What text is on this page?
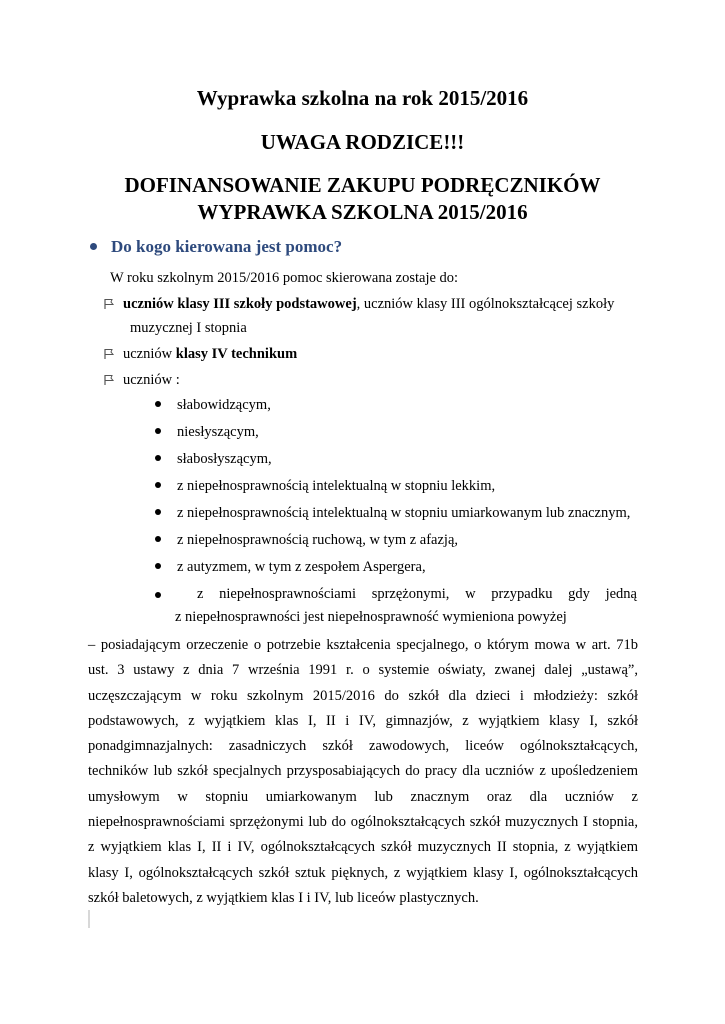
Wyprawka szkolna na rok 2015/2016
UWAGA RODZICE!!!
DOFINANSOWANIE ZAKUPU PODRĘCZNIKÓW
WYPRAWKA SZKOLNA 2015/2016
Do kogo kierowana jest pomoc?
W roku szkolnym 2015/2016 pomoc skierowana zostaje do:
uczniów klasy III szkoły podstawowej, uczniów klasy III ogólnokształcącej szkoły
muzycznej I stopnia
uczniów klasy IV technikum
uczniów :
słabowidzącym,
niesłyszącym,
słabosłyszącym,
z niepełnosprawnością intelektualną w stopniu lekkim,
z niepełnosprawnością intelektualną w stopniu umiarkowanym lub znacznym,
z niepełnosprawnością ruchową, w tym z afazją,
z autyzmem, w tym z zespołem Aspergera,
z niepełnosprawnościami sprzężonymi, w przypadku gdy jedną
z niepełnosprawności jest niepełnosprawność wymieniona powyżej
– posiadającym orzeczenie o potrzebie kształcenia specjalnego, o którym mowa w art. 71b
ust. 3 ustawy z dnia 7 września 1991 r. o systemie oświaty, zwanej dalej „ustawą”,
uczęszczającym w roku szkolnym 2015/2016 do szkół dla dzieci i młodzieży: szkół
podstawowych, z wyjątkiem klas I, II i IV, gimnazjów, z wyjątkiem klasy I, szkół
ponadgimnazjalnych: zasadniczych szkół zawodowych, liceów ogólnokształcących,
techników lub szkół specjalnych przysposabiających do pracy dla uczniów z upośledzeniem
umysłowym w stopniu umiarkowanym lub znacznym oraz dla uczniów z
niepełnosprawnościami sprzężonymi lub do ogólnokształcących szkół muzycznych I stopnia,
z wyjątkiem klas I, II i IV, ogólnokształcących szkół muzycznych II stopnia, z wyjątkiem
klasy I, ogólnokształcących szkół sztuk pięknych, z wyjątkiem klasy I, ogólnokształcących
szkół baletowych, z wyjątkiem klas I i IV, lub liceów plastycznych.
